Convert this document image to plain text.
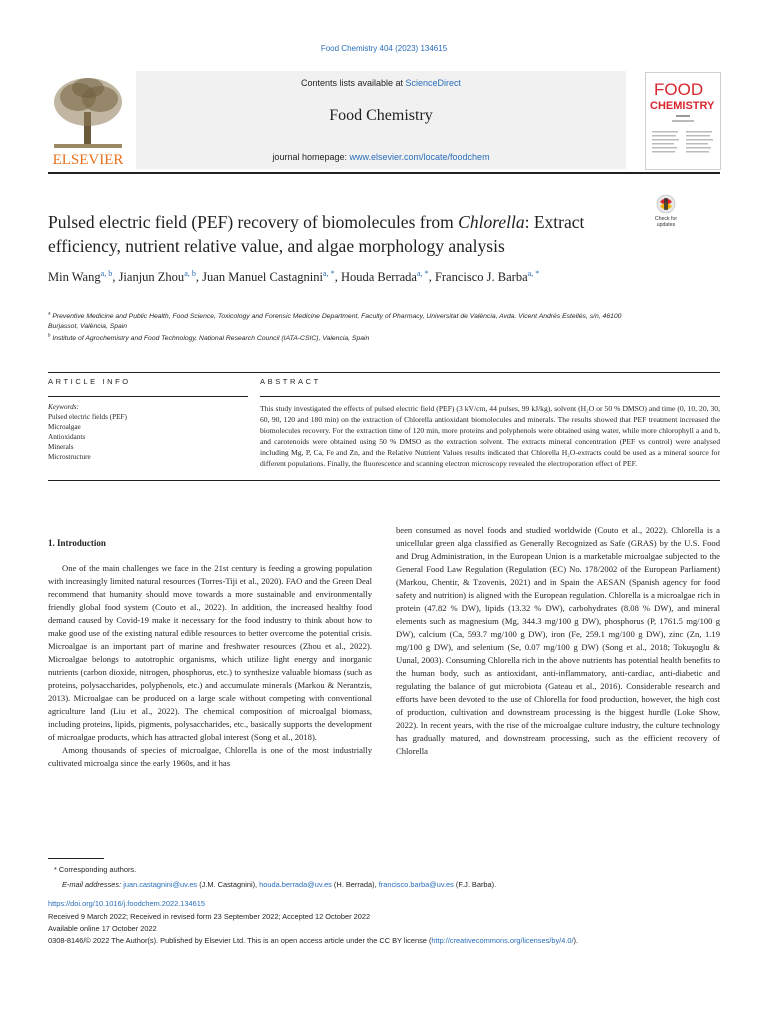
Food Chemistry 404 (2023) 134615
ELSEVIER
Contents lists available at ScienceDirect
Food Chemistry
journal homepage: www.elsevier.com/locate/foodchem
FOOD
CHEMISTRY
Pulsed electric field (PEF) recovery of biomolecules from Chlorella: Extract efficiency, nutrient relative value, and algae morphology analysis
Check for
updates
Min Wang$^{a, b}$, Jianjun Zhou$^{a, b}$, Juan Manuel Castagnini$^{a, *}$, Houda Berrada$^{a, *}$, Francisco J. Barba$^{a, *}$
$^a$ Preventive Medicine and Public Health, Food Science, Toxicology and Forensic Medicine Department, Faculty of Pharmacy, Universitat de València, Avda. Vicent Andrés Estellés, s/n, 46100 Burjassot, València, Spain
$^b$ Institute of Agrochemistry and Food Technology, National Research Council (IATA-CSIC), Valencia, Spain
ARTICLE INFO	ABSTRACT
Keywords:
Pulsed electric fields (PEF)
Microalgae
Antioxidants
Minerals
Microstructure
This study investigated the effects of pulsed electric field (PEF) (3 kV/cm, 44 pulses, 99 kJ/kg), solvent (H₂O or 50 % DMSO) and time (0, 10, 20, 30, 60, 90, 120 and 180 min) on the extraction of Chlorella antioxidant biomolecules and minerals. The results showed that PEF treatment increased the biomolecules recovery. For the extraction time of 120 min, more proteins and polyphenols were obtained using water, while more chlorophyll a and b, and carotenoids were obtained using 50 % DMSO as the extraction solvent. The extracts mineral concentration (PEF vs control) were analysed including Mg, P, Ca, Fe and Zn, and the Relative Nutrient Values results indicated that Chlorella H₂O-extracts could be used as a mineral source for different populations. Finally, the fluorescence and scanning electron microscopy revealed the electroporation effect of PEF.
1. Introduction

One of the main challenges we face in the 21st century is feeding a growing population with increasingly limited natural resources (Torres-Tiji et al., 2020). FAO and the Green Deal recommend that humanity should move towards a more sustainable and environmentally friendly global food system (Couto et al., 2022). In addition, the increased healthy food demand caused by Covid-19 make it necessary for the food industry to think about how to make good use of the existing natural edible resources to better overcome the potential crisis. Microalgae is an important part of marine and freshwater resources (Zhou et al., 2022). Microalgae belongs to autotrophic organisms, which utilize light energy and inorganic nutrients (carbon dioxide, nitrogen, phosphorus, etc.) to synthesize valuable biomass (such as proteins, polysaccharides, polyphenols, etc.) and accumulate minerals (Markou & Nerantzis, 2013). Microalgae can be produced on a large scale without competing with conventional agriculture land (Liu et al., 2022). The chemical composition of microalgal biomass, including proteins, lipids, pigments, polysaccharides, etc., basically supports the development of microalgae products, which has attracted global interest (Song et al., 2018).

Among thousands of species of microalgae, Chlorella is one of the most industrially cultivated microalga since the early 1960s, and it has

been consumed as novel foods and studied worldwide (Couto et al., 2022). Chlorella is a unicellular green alga classified as Generally Recognized as Safe (GRAS) by the U.S. Food and Drug Administration, in the European Union is a marketable microalgae subjected to the General Food Law Regulation (Regulation (EC) No. 178/2002 of the European Parliament) (Markou, Chentir, & Tzovenis, 2021) and in Spain the AESAN (Spanish agency for food safety and nutrition) is aligned with the European regulation. Chlorella is a microalgae rich in protein (47.82 % DW), lipids (13.32 % DW), carbohydrates (8.08 % DW), and mineral elements such as magnesium (Mg, 344.3 mg/100 g DW), phosphorus (P, 1761.5 mg/100 g DW), calcium (Ca, 593.7 mg/100 g DW), iron (Fe, 259.1 mg/100 g DW), zinc (Zn, 1.19 mg/100 g DW), and selenium (Se, 0.07 mg/100 g DW) (Song et al., 2018; Tokuşoglu & Uunal, 2003). Consuming Chlorella rich in the above nutrients has potential health benefits to the human body, such as antioxidant, anti-inflammatory, anti-cardiac, anti-diabetic and regulating the balance of gut microbiota (Gateau et al., 2016). Considerable research and efforts have been devoted to the use of Chlorella for food production, however, the high cost of production, cultivation and downstream processing is the biggest hurdle (Loke Show, 2022). In recent years, with the rise of the microalgae culture industry, the culture technology has gradually matured, and downstream processing, such as the efficient recovery of Chlorella

* Corresponding authors.
E-mail addresses: juan.castagnini@uv.es (J.M. Castagnini), houda.berrada@uv.es (H. Berrada), francisco.barba@uv.es (F.J. Barba).
https://doi.org/10.1016/j.foodchem.2022.134615
Received 9 March 2022; Received in revised form 23 September 2022; Accepted 12 October 2022
Available online 17 October 2022
0308-8146/© 2022 The Author(s). Published by Elsevier Ltd. This is an open access article under the CC BY license (http://creativecommons.org/licenses/by/4.0/).
